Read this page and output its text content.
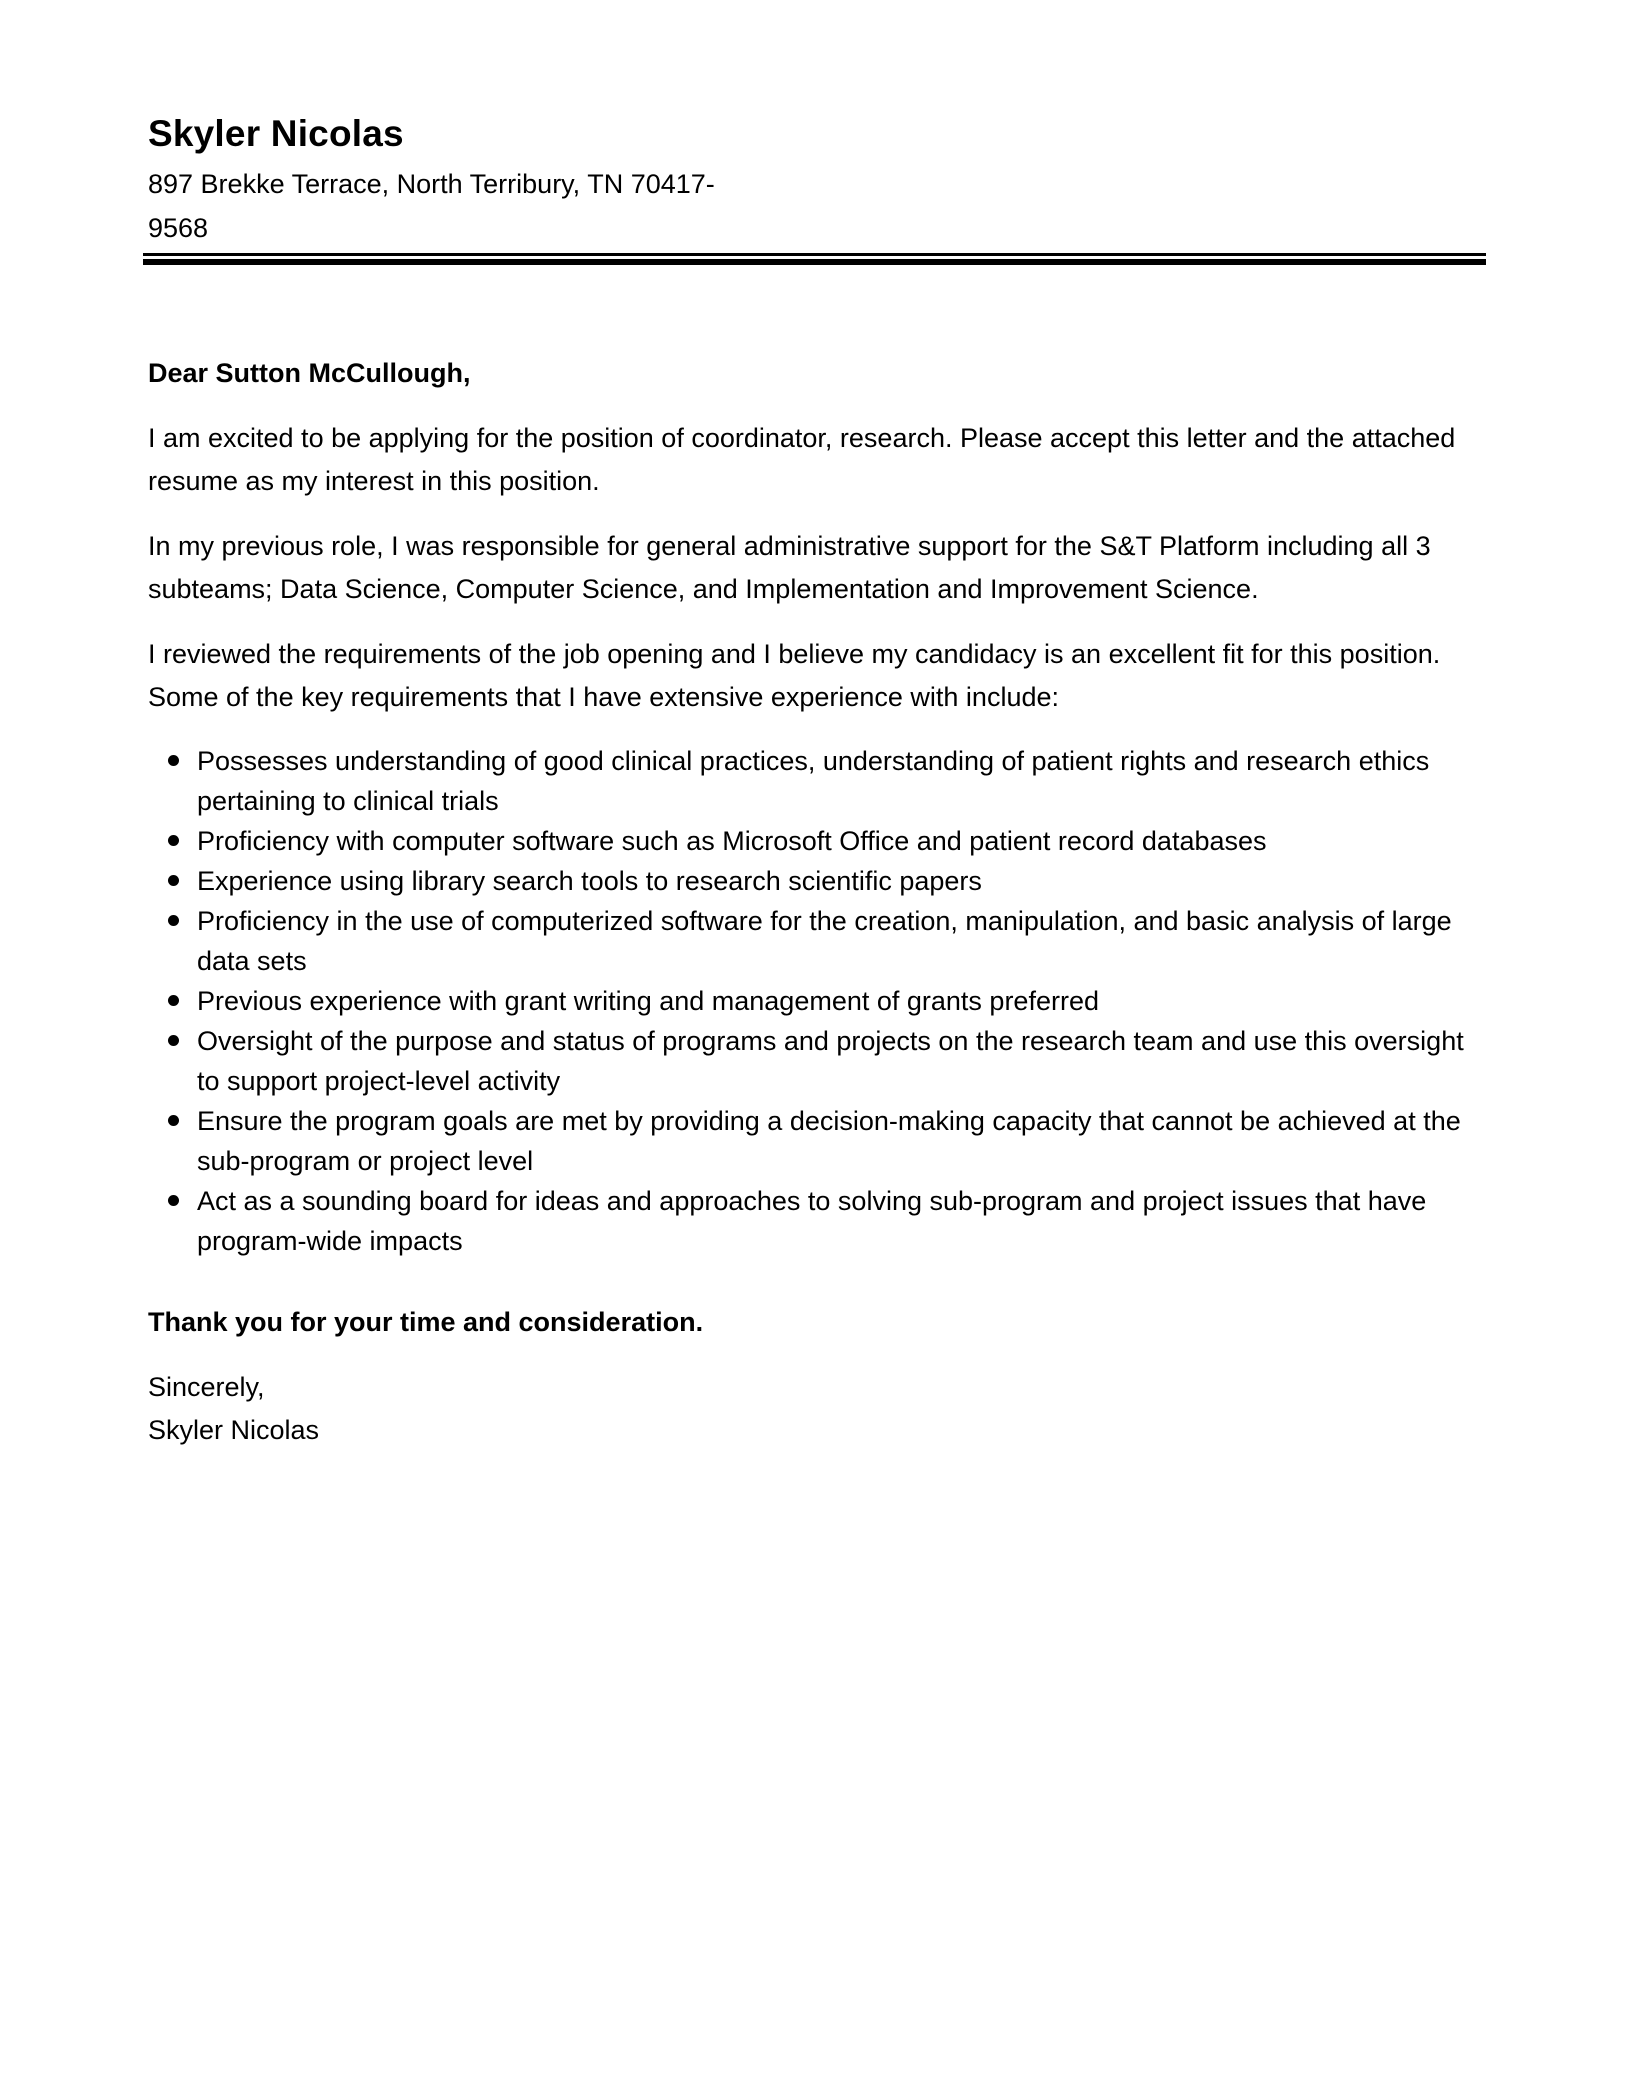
Skyler Nicolas
897 Brekke Terrace, North Terribury, TN 70417-9568

Dear Sutton McCullough,

I am excited to be applying for the position of coordinator, research. Please accept this letter and the attached resume as my interest in this position.

In my previous role, I was responsible for general administrative support for the S&T Platform including all 3 subteams; Data Science, Computer Science, and Implementation and Improvement Science.

I reviewed the requirements of the job opening and I believe my candidacy is an excellent fit for this position. Some of the key requirements that I have extensive experience with include:

Possesses understanding of good clinical practices, understanding of patient rights and research ethics pertaining to clinical trials
Proficiency with computer software such as Microsoft Office and patient record databases
Experience using library search tools to research scientific papers
Proficiency in the use of computerized software for the creation, manipulation, and basic analysis of large data sets
Previous experience with grant writing and management of grants preferred
Oversight of the purpose and status of programs and projects on the research team and use this oversight to support project-level activity
Ensure the program goals are met by providing a decision-making capacity that cannot be achieved at the sub-program or project level
Act as a sounding board for ideas and approaches to solving sub-program and project issues that have program-wide impacts

Thank you for your time and consideration.

Sincerely,

Skyler Nicolas
